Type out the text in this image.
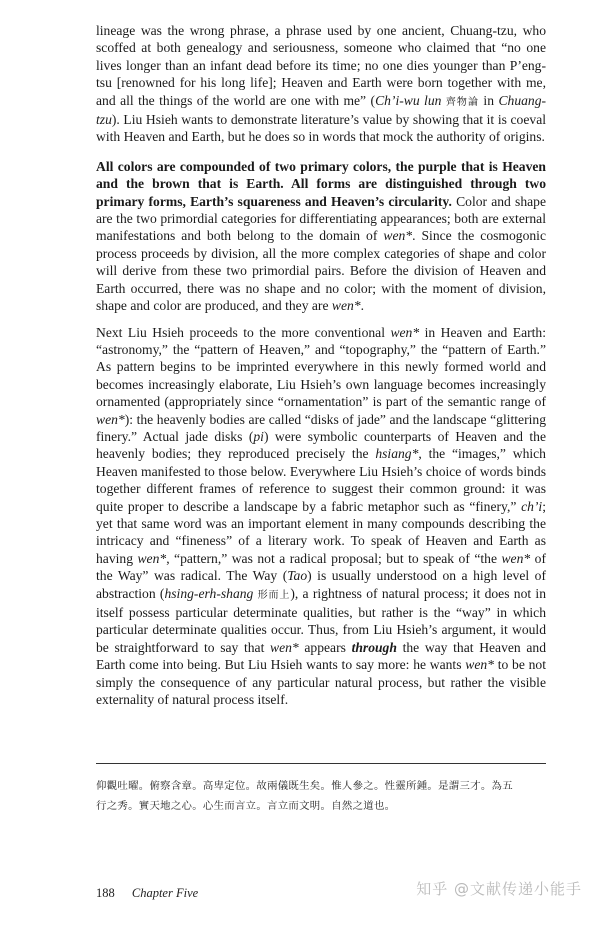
lineage was the wrong phrase, a phrase used by one ancient, Chuang-tzu, who scoffed at both genealogy and seriousness, someone who claimed that “no one lives longer than an infant dead before its time; no one dies younger than P’eng-tsu [renowned for his long life]; Heaven and Earth were born together with me, and all the things of the world are one with me” (Ch’i-wu lun 齊物論 in Chuang-tzu). Liu Hsieh wants to demonstrate literature’s value by showing that it is coeval with Heaven and Earth, but he does so in words that mock the authority of origins.

All colors are compounded of two primary colors, the purple that is Heaven and the brown that is Earth. All forms are distinguished through two primary forms, Earth’s squareness and Heaven’s circularity. Color and shape are the two primordial categories for differentiating appearances; both are external manifestations and both belong to the domain of wen*. Since the cosmogonic process proceeds by division, all the more complex categories of shape and color will derive from these two primordial pairs. Before the division of Heaven and Earth occurred, there was no shape and no color; with the moment of division, shape and color are produced, and they are wen*.

Next Liu Hsieh proceeds to the more conventional wen* in Heaven and Earth: “astronomy,” the “pattern of Heaven,” and “topography,” the “pattern of Earth.” As pattern begins to be imprinted everywhere in this newly formed world and becomes increasingly elaborate, Liu Hsieh’s own language becomes increasingly ornamented (appropriately since “ornamentation” is part of the semantic range of wen*): the heavenly bodies are called “disks of jade” and the landscape “glittering finery.” Actual jade disks (pi) were symbolic counterparts of Heaven and the heavenly bodies; they reproduced precisely the hsiang*, the “images,” which Heaven manifested to those below. Everywhere Liu Hsieh’s choice of words binds together different frames of reference to suggest their common ground: it was quite proper to describe a landscape by a fabric metaphor such as “finery,” ch’i; yet that same word was an important element in many compounds describing the intricacy and “fineness” of a literary work. To speak of Heaven and Earth as having wen*, “pattern,” was not a radical proposal; but to speak of “the wen* of the Way” was radical. The Way (Tao) is usually understood on a high level of abstraction (hsing-erh-shang 形而上), a rightness of natural process; it does not in itself possess particular determinate qualities, but rather is the “way” in which particular determinate qualities occur. Thus, from Liu Hsieh’s argument, it would be straightforward to say that wen* appears through the way that Heaven and Earth come into being. But Liu Hsieh wants to say more: he wants wen* to be not simply the consequence of any particular natural process, but rather the visible externality of natural process itself.

仰觀吐曜。俯察含章。高卑定位。故兩儀既生矣。惟人參之。性靈所鍾。是謂三才。為五
行之秀。實天地之心。心生而言立。言立而文明。自然之道也。
188 Chapter Five	知乎 @文献传递小能手
